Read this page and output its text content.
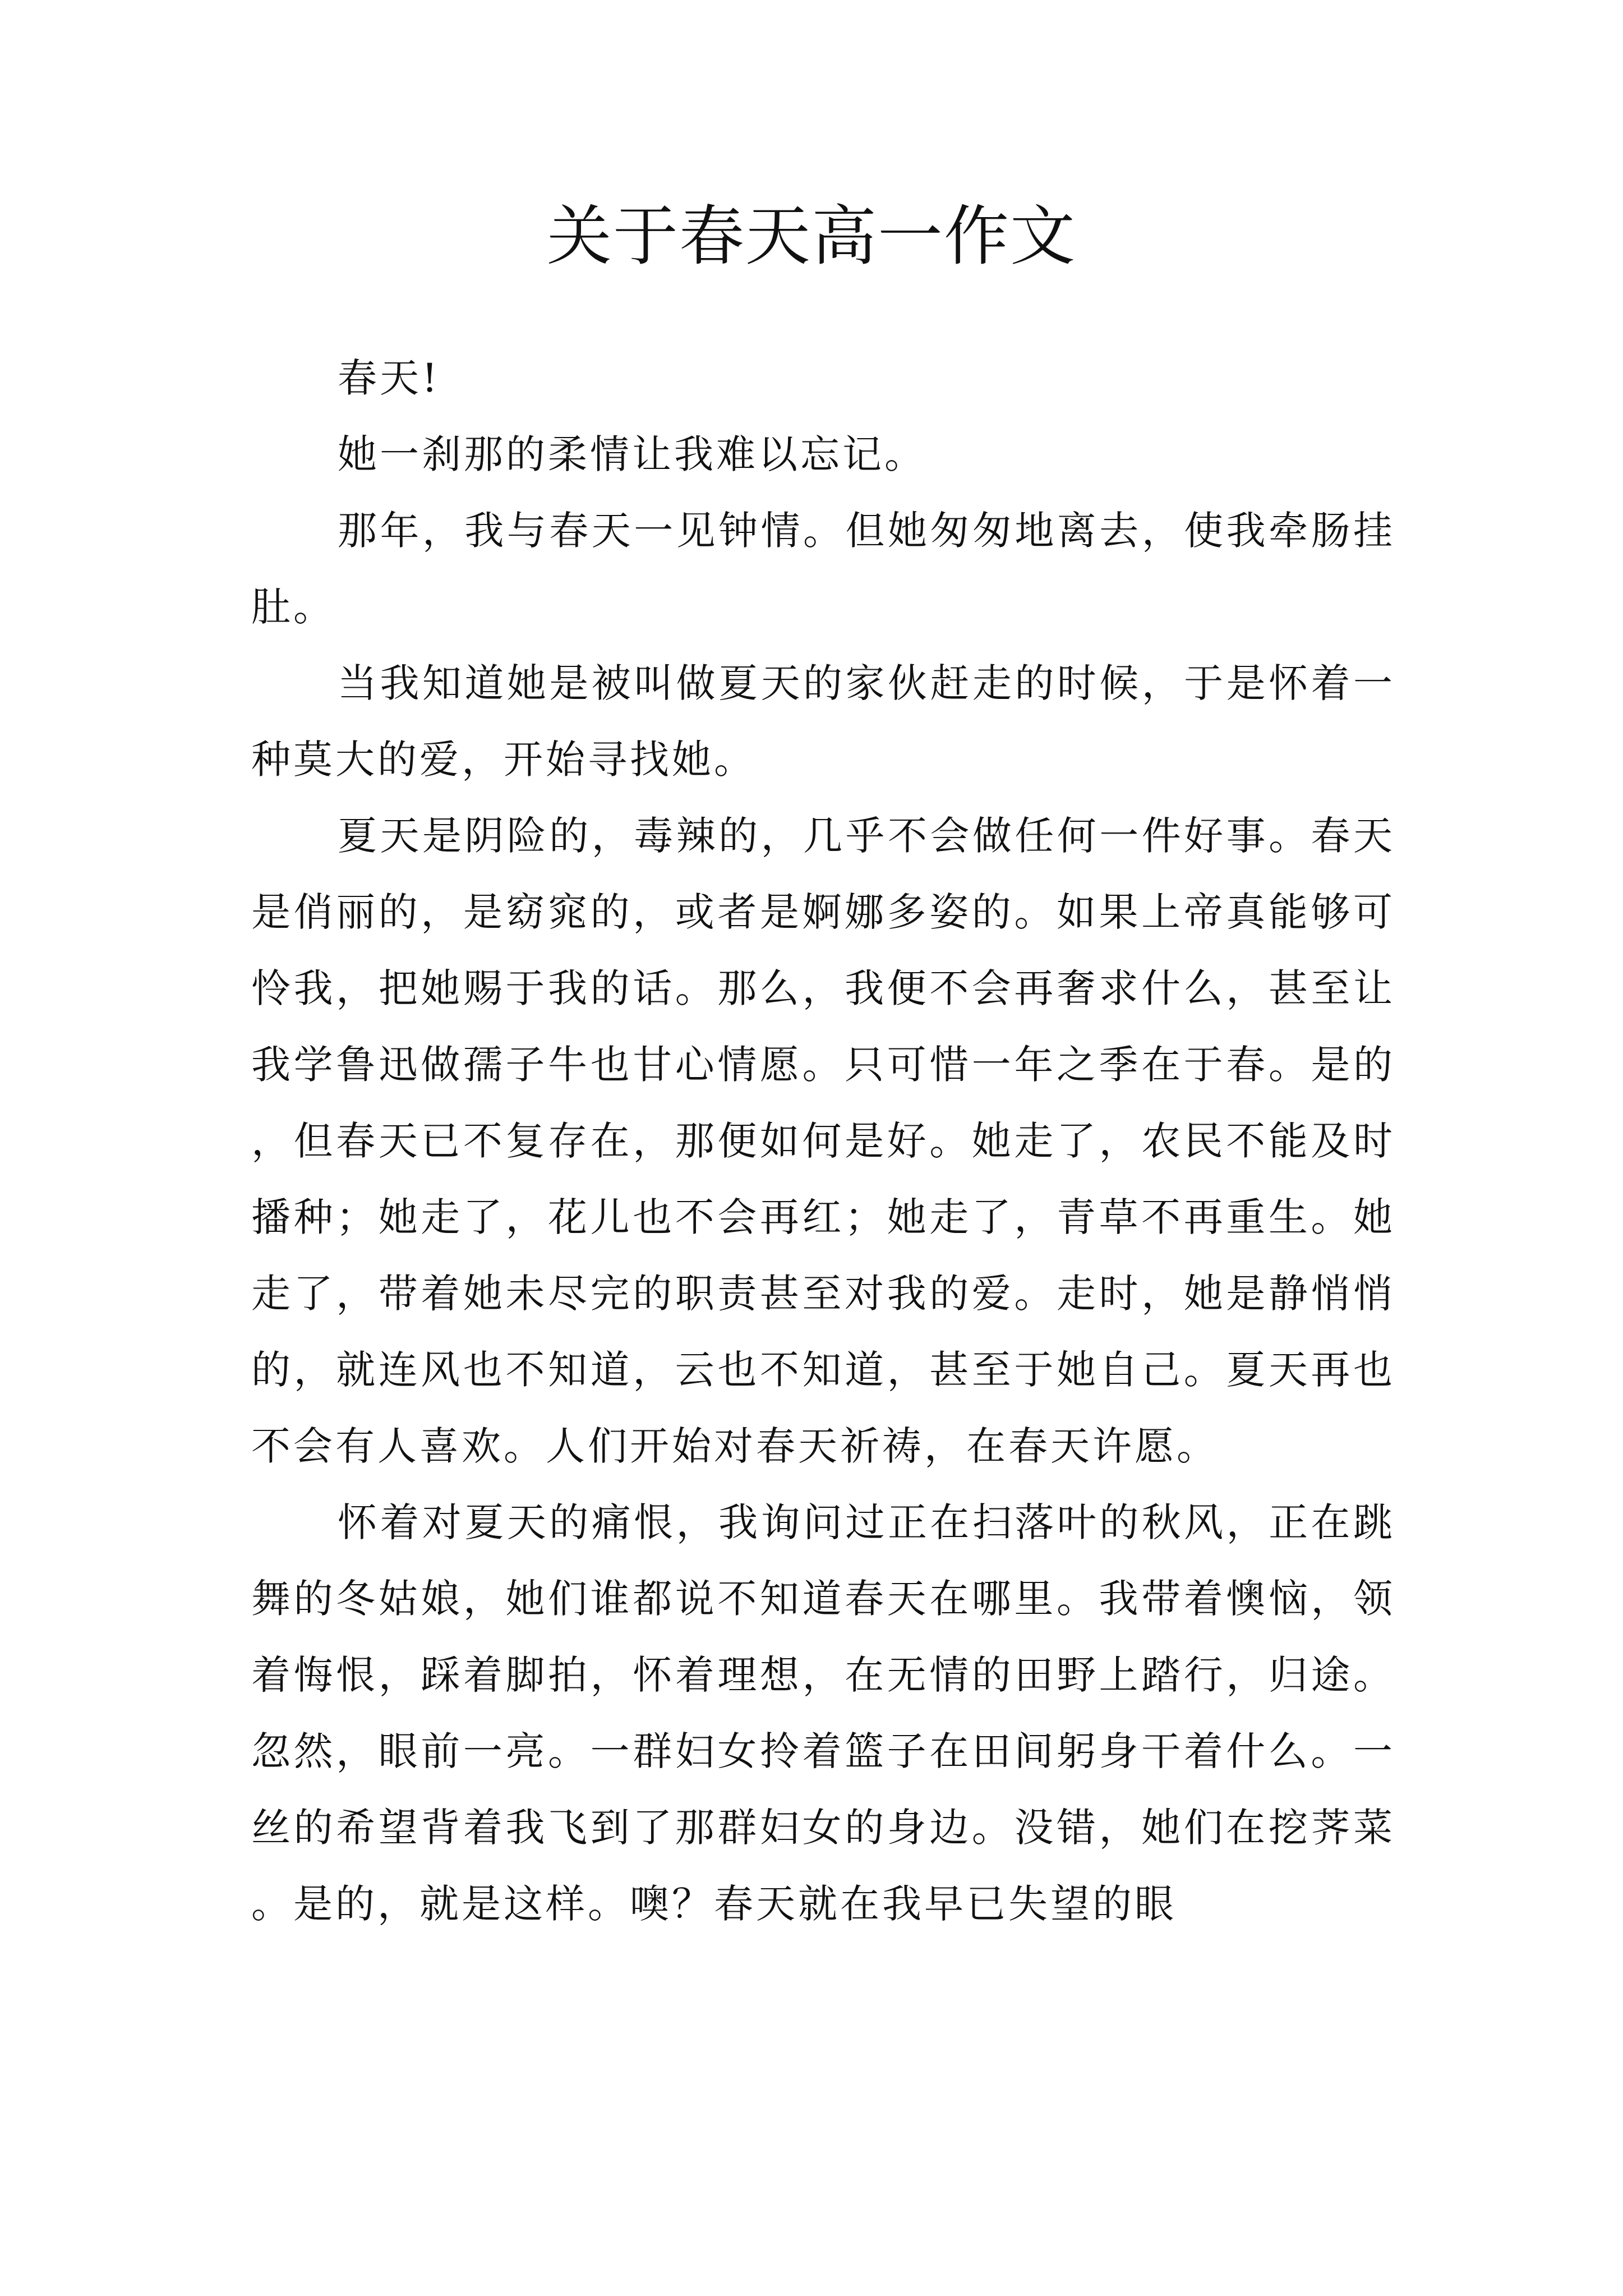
关于春天高一作文

春天!

她一刹那的柔情让我难以忘记。

那年，我与春天一见钟情。但她匆匆地离去，使我牵肠挂肚。

当我知道她是被叫做夏天的家伙赶走的时候，于是怀着一种莫大的爱，开始寻找她。

夏天是阴险的，毒辣的，几乎不会做任何一件好事。春天是俏丽的，是窈窕的，或者是婀娜多姿的。如果上帝真能够可怜我，把她赐于我的话。那么，我便不会再奢求什么，甚至让我学鲁迅做孺子牛也甘心情愿。只可惜一年之季在于春。是的，但春天已不复存在，那便如何是好。她走了，农民不能及时播种；她走了，花儿也不会再红；她走了，青草不再重生。她走了，带着她未尽完的职责甚至对我的爱。走时，她是静悄悄的，就连风也不知道，云也不知道，甚至于她自己。夏天再也不会有人喜欢。人们开始对春天祈祷，在春天许愿。

怀着对夏天的痛恨，我询问过正在扫落叶的秋风，正在跳舞的冬姑娘，她们谁都说不知道春天在哪里。我带着懊恼，领着悔恨，踩着脚拍，怀着理想，在无情的田野上踏行，归途。忽然，眼前一亮。一群妇女拎着篮子在田间躬身干着什么。一丝的希望背着我飞到了那群妇女的身边。没错，她们在挖荠菜。是的，就是这样。噢？春天就在我早已失望的眼
